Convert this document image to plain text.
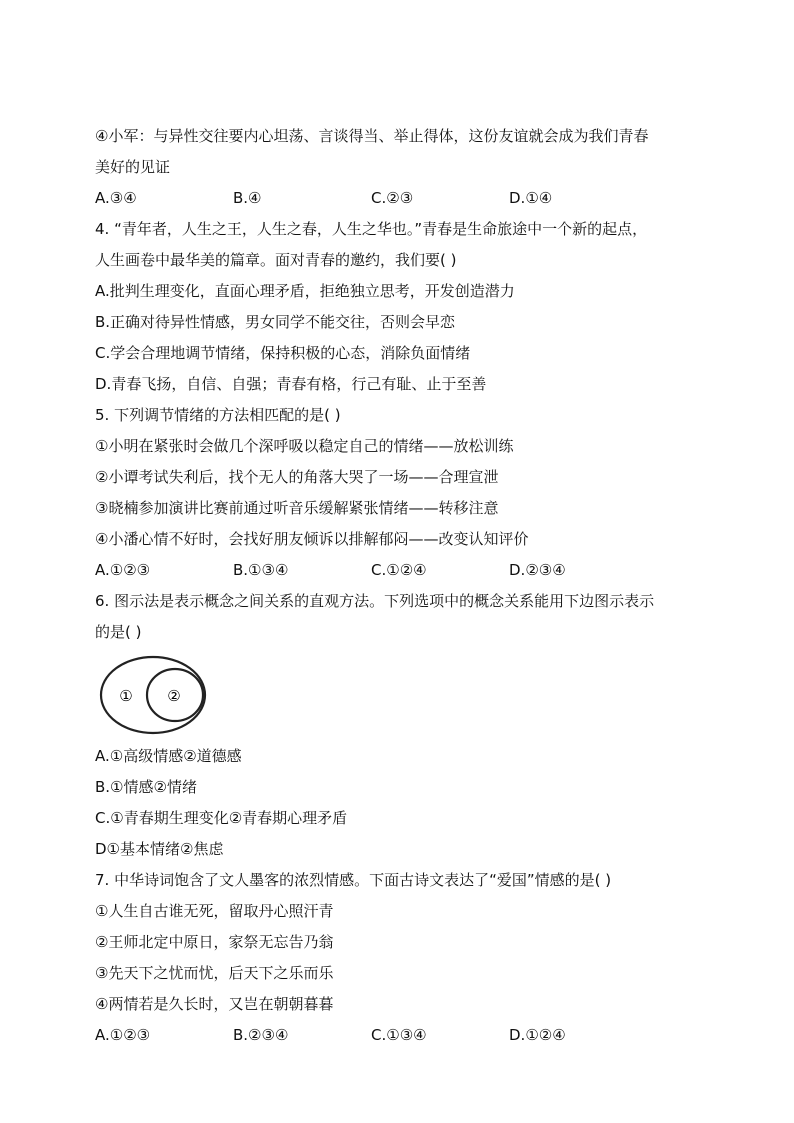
④小军：与异性交往要内心坦荡、言谈得当、举止得体，这份友谊就会成为我们青春
美好的见证
A.③④	B.④	C.②③	D.①④
4. “青年者，人生之王，人生之春，人生之华也。”青春是生命旅途中一个新的起点，
人生画卷中最华美的篇章。面对青春的邀约，我们要( )
A.批判生理变化，直面心理矛盾，拒绝独立思考，开发创造潜力
B.正确对待异性情感，男女同学不能交往，否则会早恋
C.学会合理地调节情绪，保持积极的心态，消除负面情绪
D.青春飞扬，自信、自强；青春有格，行己有耻、止于至善
5. 下列调节情绪的方法相匹配的是( )
①小明在紧张时会做几个深呼吸以稳定自己的情绪——放松训练
②小谭考试失利后，找个无人的角落大哭了一场——合理宣泄
③晓楠参加演讲比赛前通过听音乐缓解紧张情绪——转移注意
④小潘心情不好时，会找好朋友倾诉以排解郁闷——改变认知评价
A.①②③	B.①③④	C.①②④	D.②③④
6. 图示法是表示概念之间关系的直观方法。下列选项中的概念关系能用下边图示表示
的是( )
① ②
A.①高级情感②道德感
B.①情感②情绪
C.①青春期生理变化②青春期心理矛盾
D①基本情绪②焦虑
7. 中华诗词饱含了文人墨客的浓烈情感。下面古诗文表达了“爱国”情感的是( )
①人生自古谁无死，留取丹心照汗青
②王师北定中原日，家祭无忘告乃翁
③先天下之忧而忧，后天下之乐而乐
④两情若是久长时，又岂在朝朝暮暮
A.①②③	B.②③④	C.①③④	D.①②④
